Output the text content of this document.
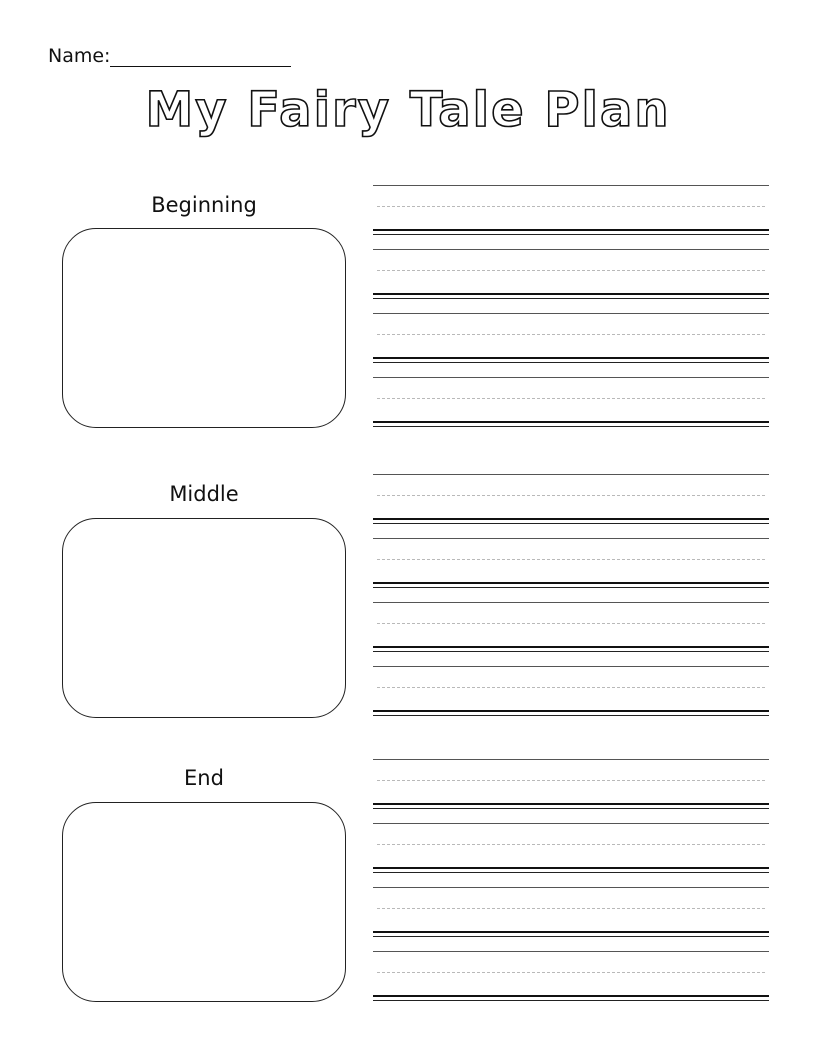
Name:
My Fairy Tale Plan
Beginning
Middle
End
